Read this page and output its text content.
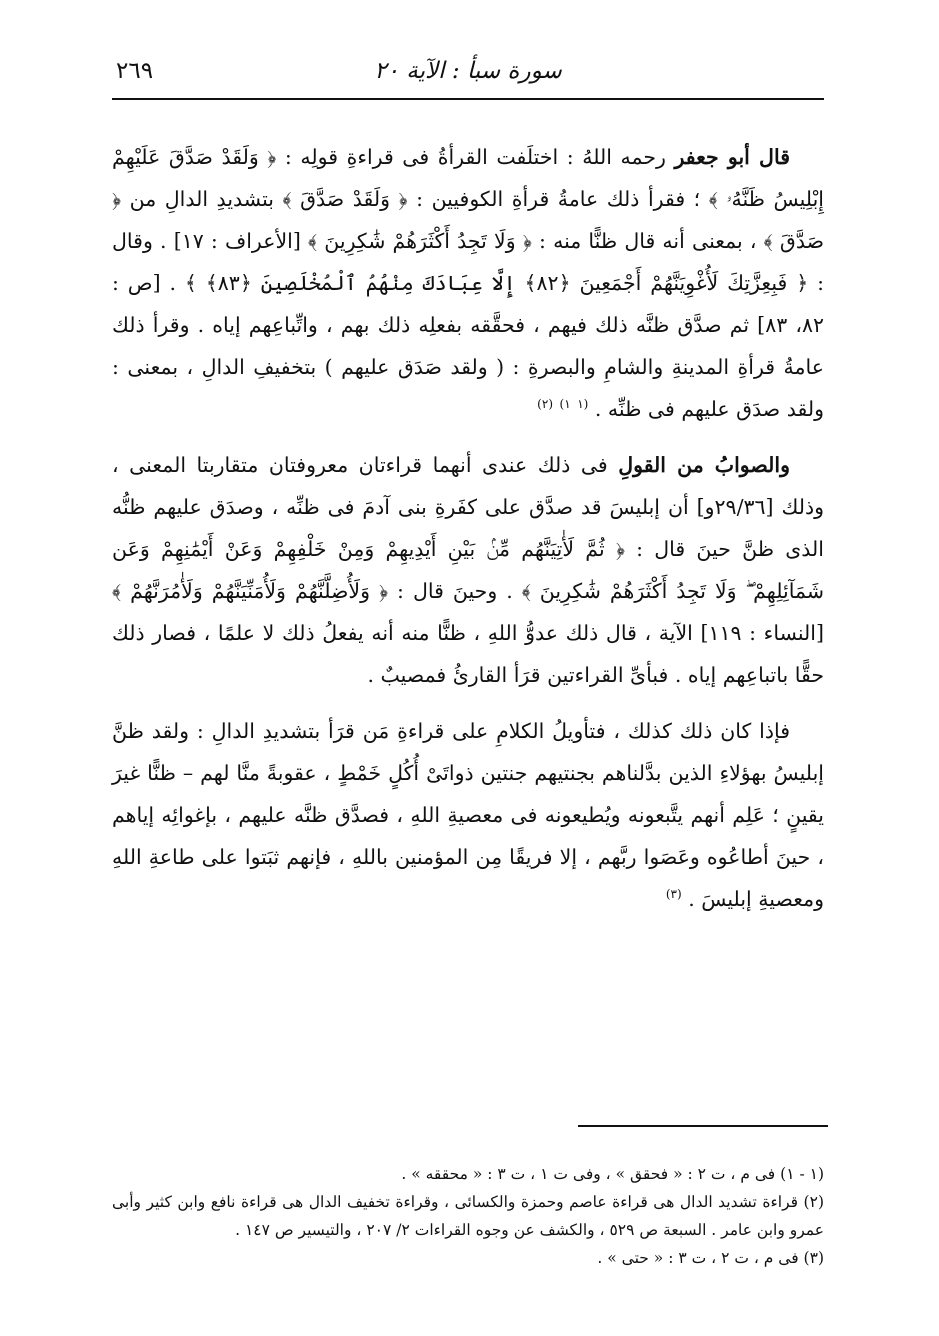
سورة سبأ : الآية ٢٠
٢٦٩

قال أبو جعفر رحمه اللهُ : اختلَفت القرأةُ فى قراءةِ قولِه : ﴿ وَلَقَدْ صَدَّقَ عَلَيْهِمْ إِبْلِيسُ ظَنَّهُۥ ﴾ ؛ فقرأ ذلك عامةُ قرأةِ الكوفيين : ﴿ وَلَقَدْ صَدَّقَ ﴾ بتشديدِ الدالِ من ﴿ صَدَّقَ ﴾ ، بمعنى أنه قال ظنًّا منه : ﴿ وَلَا تَجِدُ أَكْثَرَهُمْ شَٰكِرِينَ ﴾ [الأعراف : ١٧] . وقال : ﴿ فَبِعِزَّتِكَ لَأُغْوِيَنَّهُمْ أَجْمَعِينَ ﴿٨٢﴾ إِلَّا عِبَادَكَ مِنْهُمُ ٱلْمُخْلَصِينَ ﴿٨٣﴾ ﴾ . [ص : ٨٢، ٨٣] ثم صدَّق ظنَّه ذلك فيهم ، فحقَّقه بفعلِه ذلك بهم ، واتِّباعِهم إياه . وقرأ ذلك عامةُ قرأةِ المدينةِ والشامِ والبصرةِ : ( ولقد صَدَق عليهم ) بتخفيفِ الدالِ ، بمعنى : ولقد صدَق عليهم فى ظنِّه . $^{(١}$ $^{١)}$ $^{(٢)}$

والصوابُ من القولِ فى ذلك عندى أنهما قراءتان معروفتان متقاربتا المعنى ، وذلك [٢٩/٣٦و] أن إبليسَ قد صدَّق على كفَرةِ بنى آدمَ فى ظنِّه ، وصدَق عليهم ظنُّه الذى ظنَّ حينَ قال : ﴿ ثُمَّ لَأٰتِيَنَّهُم مِّنۢ بَيْنِ أَيْدِيهِمْ وَمِنْ خَلْفِهِمْ وَعَنْ أَيْمَٰنِهِمْ وَعَن شَمَآئِلِهِمْ ۖ وَلَا تَجِدُ أَكْثَرَهُمْ شَٰكِرِينَ ﴾ . وحينَ قال : ﴿ وَلَأُضِلَّنَّهُمْ وَلَأُمَنِّيَنَّهُمْ وَلَأٰمُرَنَّهُمْ ﴾ [النساء : ١١٩] الآية ، قال ذلك عدوُّ اللهِ ، ظنًّا منه أنه يفعلُ ذلك لا علمًا ، فصار ذلك حقًّا باتباعِهم إياه . فبأىِّ القراءتين قرَأ القارئُ فمصيبٌ .

فإذا كان ذلك كذلك ، فتأويلُ الكلامِ على قراءةِ مَن قرَأ بتشديدِ الدالِ : ولقد ظنَّ إبليسُ بهؤلاءِ الذين بدَّلناهم بجنتيهم جنتين ذواتَىْ أُكُلٍ خَمْطٍ ، عقوبةً منَّا لهم – ظنًّا غيرَ يقينٍ ؛ عَلِم أنهم يتَّبعونه ويُطيعونه فى معصيةِ اللهِ ، فصدَّق ظنَّه عليهم ، بإغوائِه إياهم ، حينَ أطاعُوه وعَصَوا ربَّهم ، إلا فريقًا مِن المؤمنين باللهِ ، فإنهم ثبَتوا على طاعةِ اللهِ ومعصيةِ إبليسَ . $^{(٣)}$

(١ - ١) فى م ، ت ٢ : « فحقق » ، وفى ت ١ ، ت ٣ : « محققه » .

(٢) قراءة تشديد الدال هى قراءة عاصم وحمزة والكسائى ، وقراءة تخفيف الدال هى قراءة نافع وابن كثير وأبى عمرو وابن عامر . السبعة ص ٥٢٩ ، والكشف عن وجوه القراءات ٢/ ٢٠٧ ، والتيسير ص ١٤٧ .

(٣) فى م ، ت ٢ ، ت ٣ : « حتى » .
